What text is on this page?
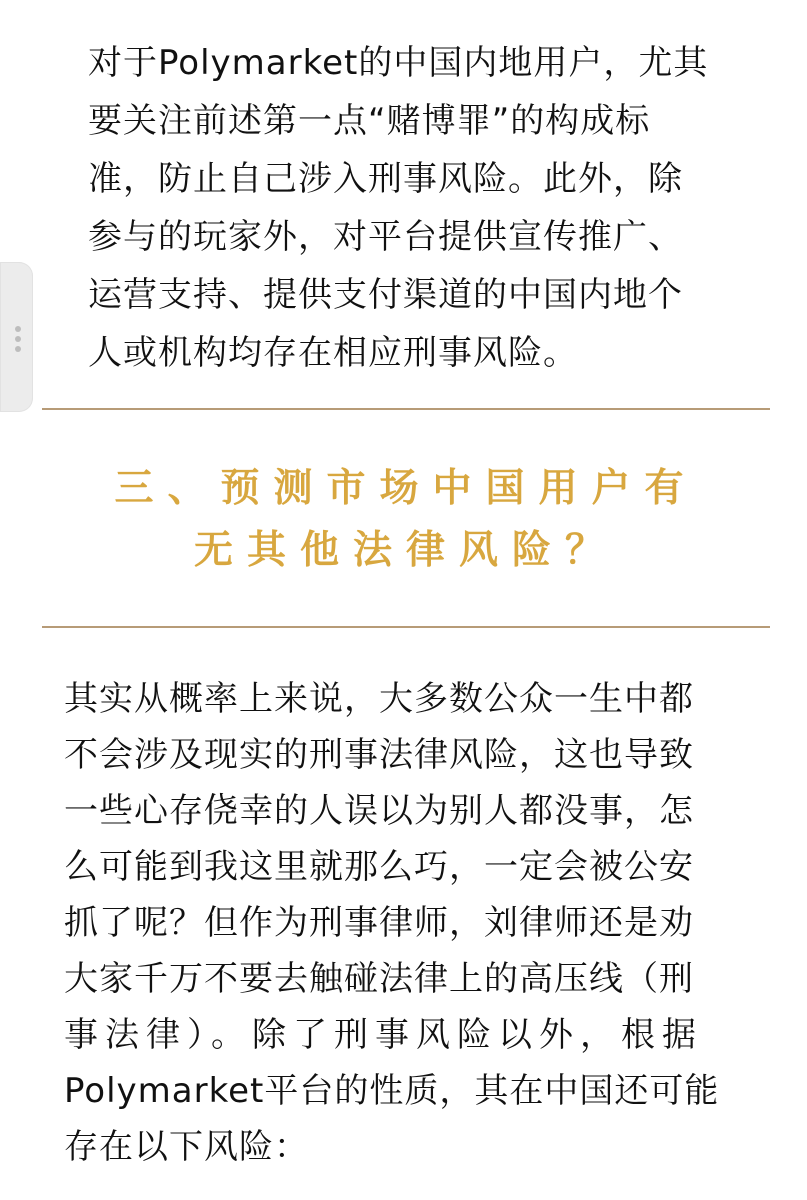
对于Polymarket的中国内地用户，尤其
要关注前述第一点“赌博罪”的构成标
准，防止自己涉入刑事风险。此外，除
参与的玩家外，对平台提供宣传推广、
运营支持、提供支付渠道的中国内地个
人或机构均存在相应刑事风险。
三、预测市场中国用户有
无其他法律风险？
其实从概率上来说，大多数公众一生中都
不会涉及现实的刑事法律风险，这也导致
一些心存侥幸的人误以为别人都没事，怎
么可能到我这里就那么巧，一定会被公安
抓了呢？但作为刑事律师，刘律师还是劝
大家千万不要去触碰法律上的高压线（刑
事法律）。除了刑事风险以外，根据
Polymarket平台的性质，其在中国还可能
存在以下风险：
